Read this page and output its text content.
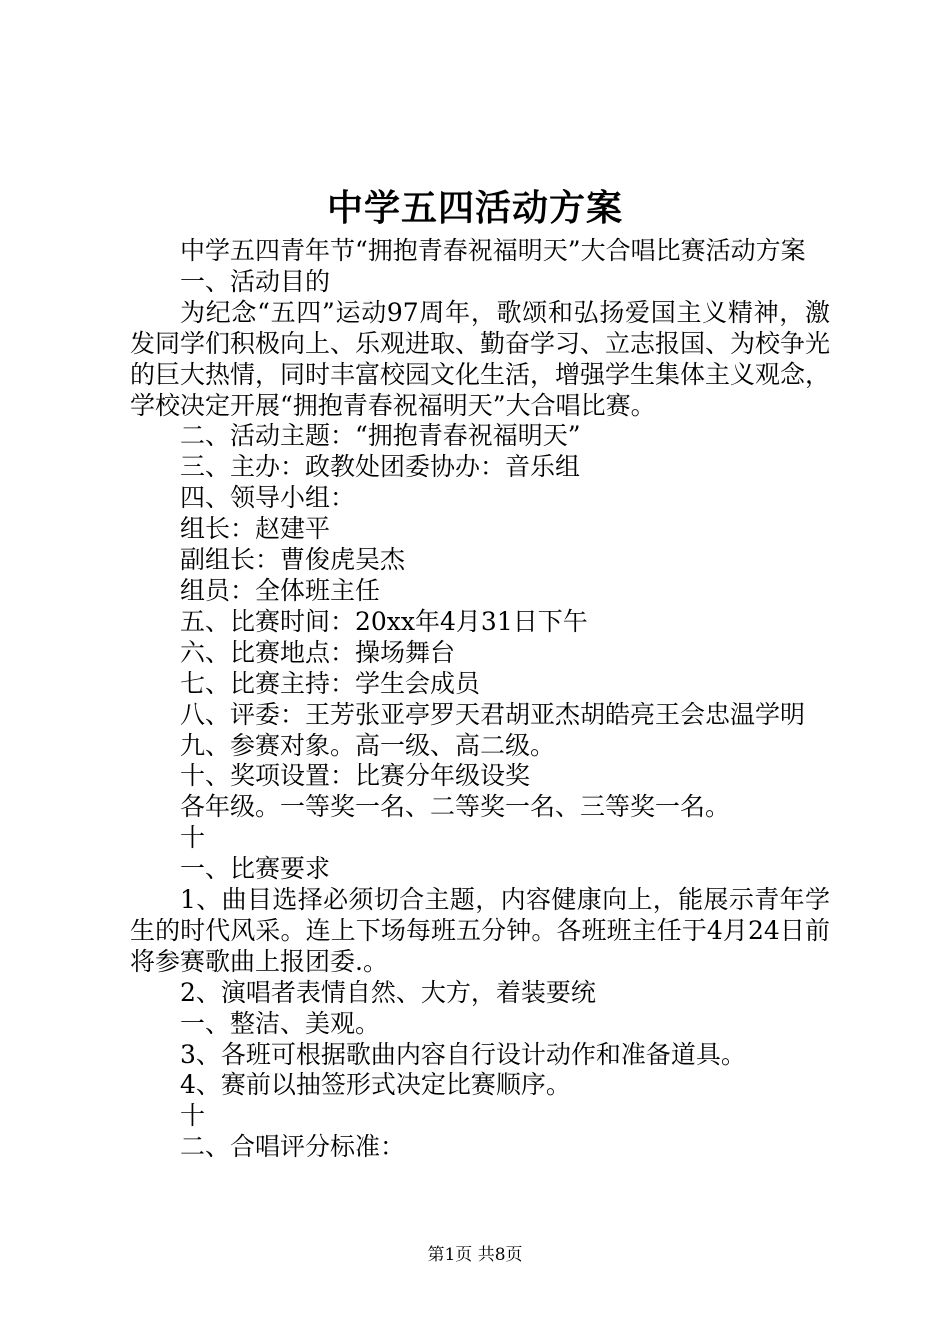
中学五四活动方案

中学五四青年节“拥抱青春祝福明天”大合唱比赛活动方案

一、活动目的

为纪念“五四”运动97周年，歌颂和弘扬爱国主义精神，激发同学们积极向上、乐观进取、勤奋学习、立志报国、为校争光的巨大热情，同时丰富校园文化生活，增强学生集体主义观念，学校决定开展“拥抱青春祝福明天”大合唱比赛。

二、活动主题：“拥抱青春祝福明天”

三、主办：政教处团委协办：音乐组

四、领导小组：

组长：赵建平

副组长：曹俊虎吴杰

组员：全体班主任

五、比赛时间：20xx年4月31日下午

六、比赛地点：操场舞台

七、比赛主持：学生会成员

八、评委：王芳张亚亭罗天君胡亚杰胡皓亮王会忠温学明

九、参赛对象。高一级、高二级。

十、奖项设置：比赛分年级设奖

各年级。一等奖一名、二等奖一名、三等奖一名。

十

一、比赛要求

1、曲目选择必须切合主题，内容健康向上，能展示青年学生的时代风采。连上下场每班五分钟。各班班主任于4月24日前将参赛歌曲上报团委.。

2、演唱者表情自然、大方，着装要统

一、整洁、美观。

3、各班可根据歌曲内容自行设计动作和准备道具。

4、赛前以抽签形式决定比赛顺序。

十

二、合唱评分标准：

第1页 共8页
